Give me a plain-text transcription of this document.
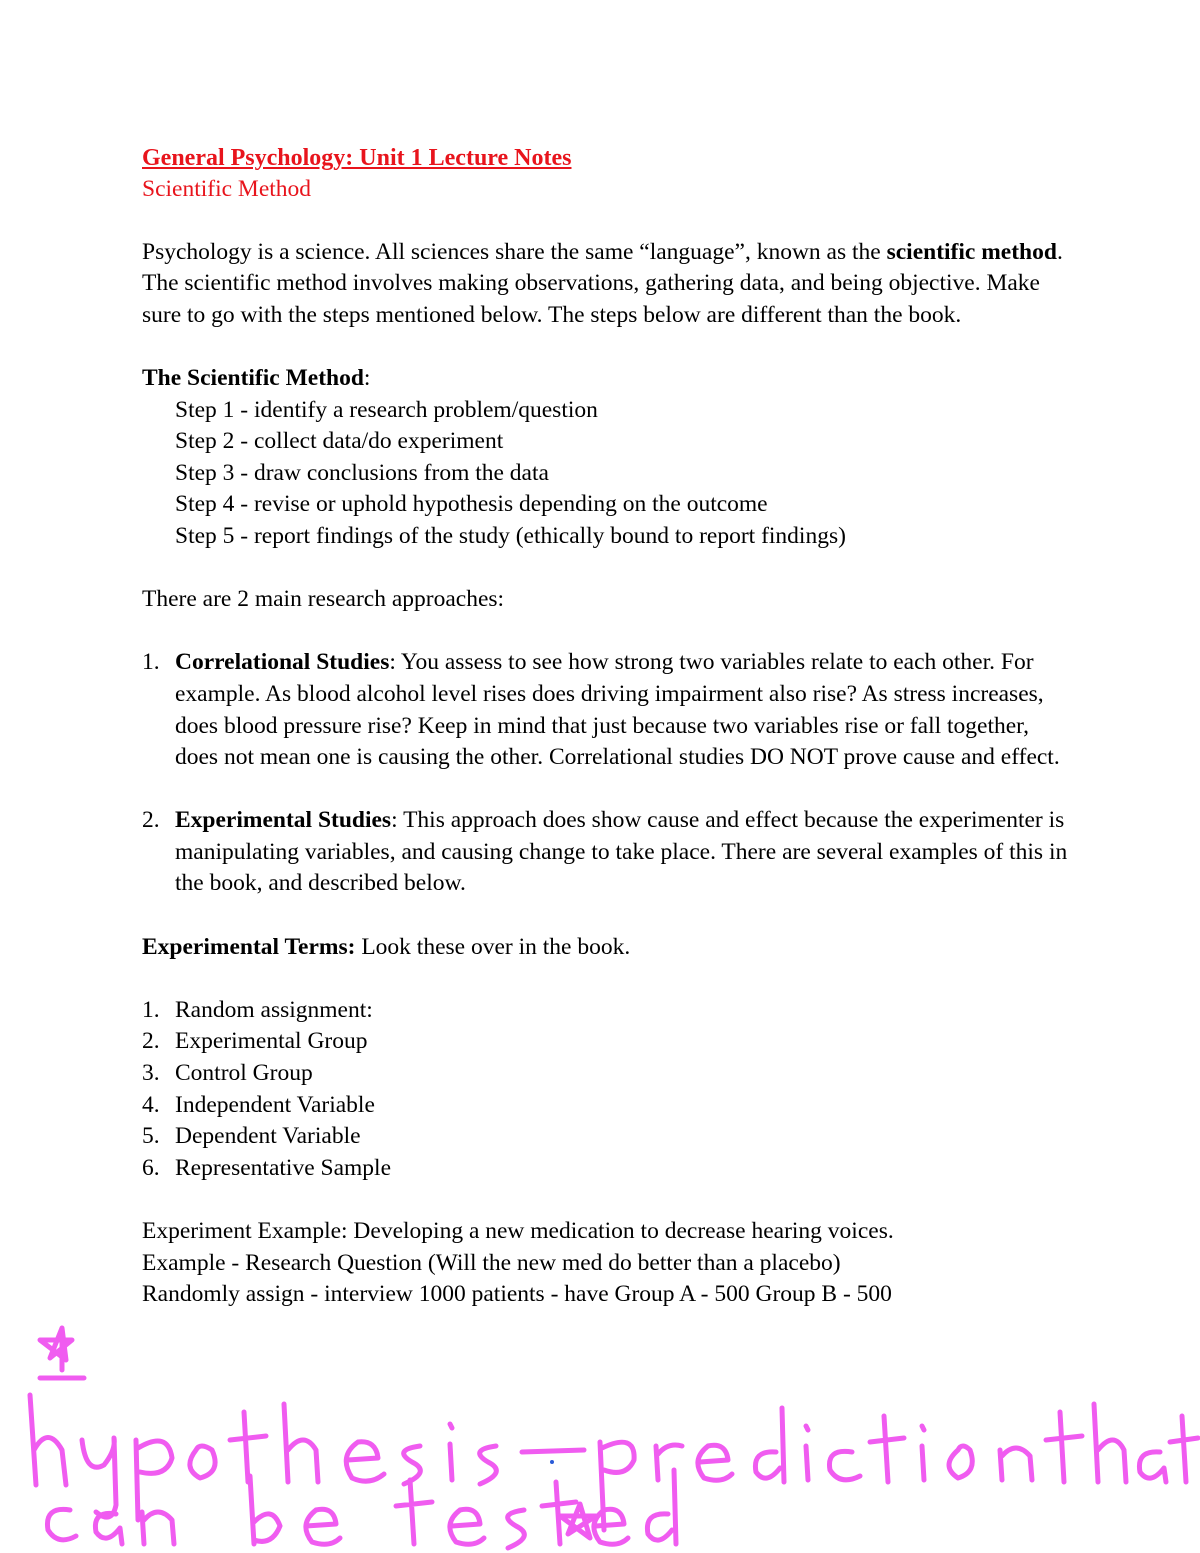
General Psychology: Unit 1 Lecture Notes
Scientific Method

Psychology is a science. All sciences share the same “language”, known as the scientific method. The scientific method involves making observations, gathering data, and being objective. Make sure to go with the steps mentioned below. The steps below are different than the book.

The Scientific Method:

Step 1 - identify a research problem/question
Step 2 - collect data/do experiment
Step 3 - draw conclusions from the data
Step 4 - revise or uphold hypothesis depending on the outcome
Step 5 - report findings of the study (ethically bound to report findings)

There are 2 main research approaches:

1. Correlational Studies: You assess to see how strong two variables relate to each other. For example. As blood alcohol level rises does driving impairment also rise? As stress increases, does blood pressure rise? Keep in mind that just because two variables rise or fall together, does not mean one is causing the other. Correlational studies DO NOT prove cause and effect.
2. Experimental Studies: This approach does show cause and effect because the experimenter is manipulating variables, and causing change to take place. There are several examples of this in the book, and described below.

Experimental Terms: Look these over in the book.

1. Random assignment:
2. Experimental Group
3. Control Group
4. Independent Variable
5. Dependent Variable
6. Representative Sample
Experiment Example: Developing a new medication to decrease hearing voices.
Example - Research Question (Will the new med do better than a placebo)
Randomly assign - interview 1000 patients - have Group A - 500 Group B - 500
